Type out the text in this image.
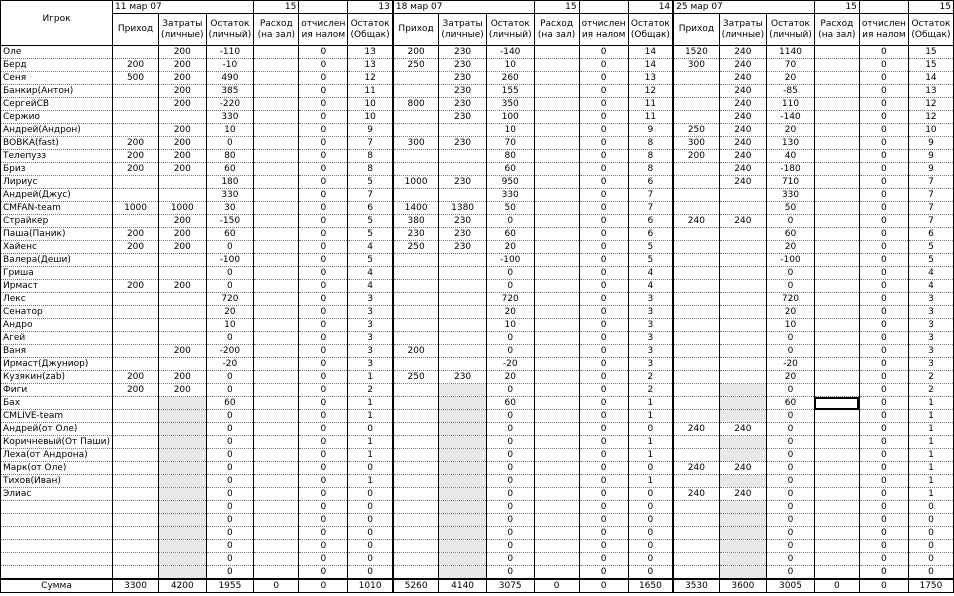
Игрок	11 мар 07			15		13	18 мар 07			15		14	25 мар 07			15		15
	Приход	Затраты (личные)	Остаток (личный)	Расход (на зал)	отчислен ия налом	Остаток (Общак)	Приход	Затраты (личные)	Остаток (личный)	Расход (на зал)	отчислен ия налом	Остаток (Общак)	Приход	Затраты (личные)	Остаток (личный)	Расход (на зал)	отчислен ия налом	Остаток (Общак)
Оле		200	-110		0	13	200	230	-140		0	14	1520	240	1140		0	15
Берд	200	200	-10		0	13	250	230	10		0	14	300	240	70		0	15
Сеня	500	200	490		0	12		230	260		0	13		240	20		0	14
Банкир(Антон)		200	385		0	11		230	155		0	12		240	-85		0	13
СергейСВ		200	-220		0	10	800	230	350		0	11		240	110		0	12
Сержио			330		0	10		230	100		0	11		240	-140		0	12
Андрей(Андрон)		200	10		0	9			10		0	9	250	240	20		0	10
ВОВКА(fast)	200	200	0		0	7	300	230	70		0	8	300	240	130		0	9
Телепузз	200	200	80		0	8			80		0	8	200	240	40		0	9
Бриз	200	200	60		0	8			60		0	8		240	-180		0	9
Лириус			180		0	5	1000	230	950		0	6		240	710		0	7
Андрей(Джус)			330		0	7			330		0	7			330		0	7
CMFAN-team	1000	1000	30		0	6	1400	1380	50		0	7			50		0	7
Страйкер		200	-150		0	5	380	230	0		0	6	240	240	0		0	7
Паша(Паник)	200	200	60		0	5	230	230	60		0	6			60		0	6
Хайенс	200	200	0		0	4	250	230	20		0	5			20		0	5
Валера(Деши)			-100		0	5			-100		0	5			-100		0	5
Гриша			0		0	4			0		0	4			0		0	4
Ирмаст	200	200	0		0	4			0		0	4			0		0	4
Лекс			720		0	3			720		0	3			720		0	3
Сенатор			20		0	3			20		0	3			20		0	3
Андро			10		0	3			10		0	3			10		0	3
Агей			0		0	3			0		0	3			0		0	3
Ваня		200	-200		0	3	200		0		0	3			0		0	3
Ирмаст(Джуниор)			-20		0	3			-20		0	3			-20		0	3
Кузякин(zab)	200	200	0		0	1	250	230	20		0	2			20		0	2
Фиги	200	200	0		0	2			0		0	2			0		0	2
Бах			60		0	1			60		0	1			60		0	1
CMLIVE-team			0		0	1			0		0	1			0		0	1
Андрей(от Оле)			0		0	0			0		0	0	240	240	0		0	1
Коричневый(От Паши)			0		0	1			0		0	1			0		0	1
Леха(от Андрона)			0		0	1			0		0	1			0		0	1
Марк(от Оле)			0		0	0			0		0	0	240	240	0		0	1
Тихов(Иван)			0		0	1			0		0	1			0		0	1
Элиас			0		0	0			0		0	0	240	240	0		0	1
			0		0	0			0		0	0			0		0	0
			0		0	0			0		0	0			0		0	0
			0		0	0			0		0	0			0		0	0
			0		0	0			0		0	0			0		0	0
			0		0	0			0		0	0			0		0	0
			0		0	0			0		0	0			0		0	0
Сумма	3300	4200	1955	0	0	1010	5260	4140	3075	0	0	1650	3530	3600	3005	0	0	1750
